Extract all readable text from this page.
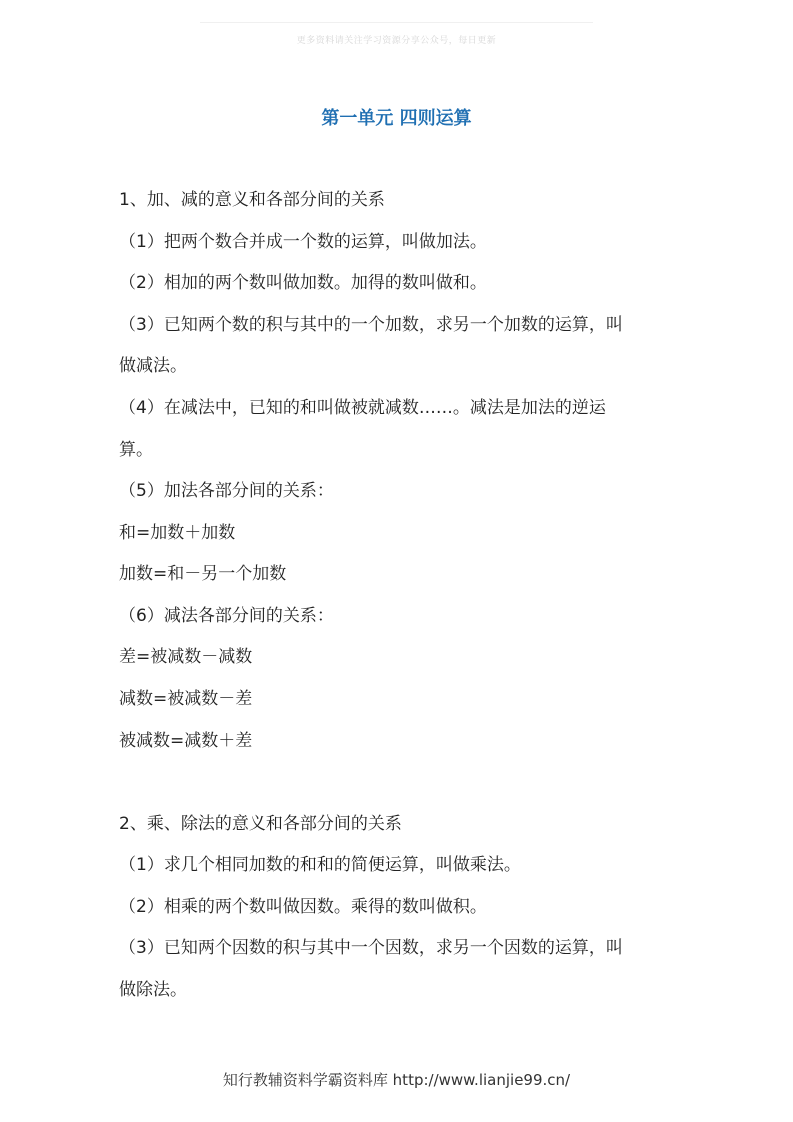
更多资料请关注学习资源分享公众号，每日更新
第一单元 四则运算
1、加、减的意义和各部分间的关系
（1）把两个数合并成一个数的运算，叫做加法。
（2）相加的两个数叫做加数。加得的数叫做和。
（3）已知两个数的积与其中的一个加数，求另一个加数的运算，叫
做减法。
（4）在减法中，已知的和叫做被就减数……。减法是加法的逆运
算。
（5）加法各部分间的关系：
和=加数＋加数
加数=和－另一个加数
（6）减法各部分间的关系：
差=被减数－减数
减数=被减数－差
被减数=减数＋差
2、乘、除法的意义和各部分间的关系
（1）求几个相同加数的和和的简便运算，叫做乘法。
（2）相乘的两个数叫做因数。乘得的数叫做积。
（3）已知两个因数的积与其中一个因数，求另一个因数的运算，叫
做除法。
知行教辅资料学霸资料库 http://www.lianjie99.cn/
